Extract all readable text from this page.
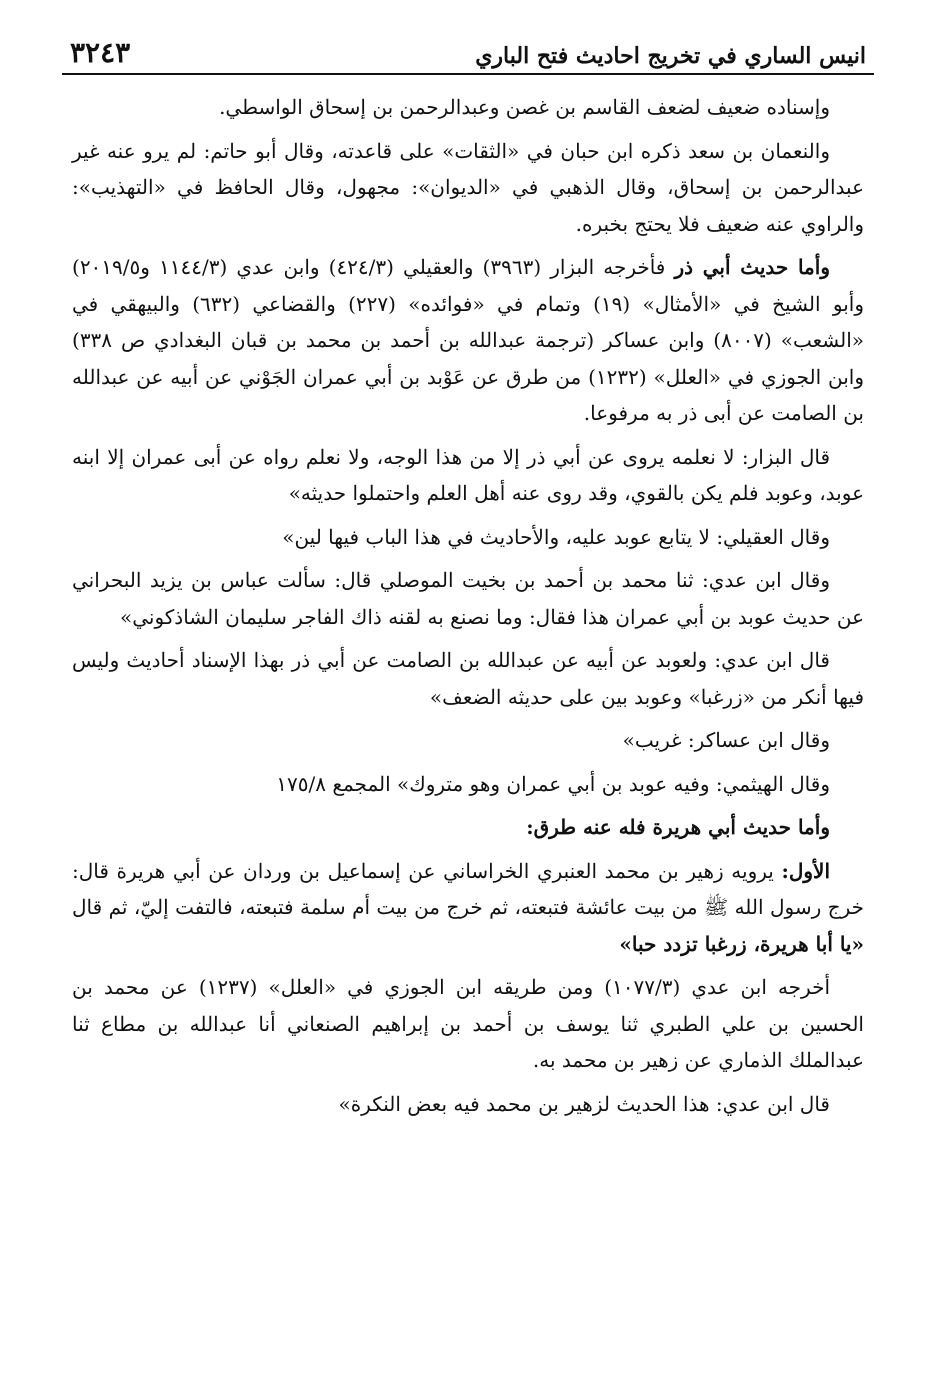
انيس الساري في تخريج احاديث فتح الباري
٣٢٤٣

وإسناده ضعيف لضعف القاسم بن غصن وعبدالرحمن بن إسحاق الواسطي.

والنعمان بن سعد ذكره ابن حبان في «الثقات» على قاعدته، وقال أبو حاتم: لم يرو عنه غير عبدالرحمن بن إسحاق، وقال الذهبي في «الديوان»: مجهول، وقال الحافظ في «التهذيب»: والراوي عنه ضعيف فلا يحتج بخبره.

وأما حديث أبي ذر فأخرجه البزار (٣٩٦٣) والعقيلي (٤٢٤/٣) وابن عدي (١١٤٤/٣ و٢٠١٩/٥) وأبو الشيخ في «الأمثال» (١٩) وتمام في «فوائده» (٢٢٧) والقضاعي (٦٣٢) والبيهقي في «الشعب» (٨٠٠٧) وابن عساكر (ترجمة عبدالله بن أحمد بن محمد بن قبان البغدادي ص ٣٣٨) وابن الجوزي في «العلل» (١٢٣٢) من طرق عن عَوْبد بن أبي عمران الجَوْني عن أبيه عن عبدالله بن الصامت عن أبى ذر به مرفوعا.

قال البزار: لا نعلمه يروى عن أبي ذر إلا من هذا الوجه، ولا نعلم رواه عن أبى عمران إلا ابنه عوبد، وعوبد فلم يكن بالقوي، وقد روى عنه أهل العلم واحتملوا حديثه»

وقال العقيلي: لا يتابع عوبد عليه، والأحاديث في هذا الباب فيها لين»

وقال ابن عدي: ثنا محمد بن أحمد بن بخيت الموصلي قال: سألت عباس بن يزيد البحراني عن حديث عوبد بن أبي عمران هذا فقال: وما نصنع به لقنه ذاك الفاجر سليمان الشاذكوني»

قال ابن عدي: ولعوبد عن أبيه عن عبدالله بن الصامت عن أبي ذر بهذا الإسناد أحاديث وليس فيها أنكر من «زرغبا» وعوبد بين على حديثه الضعف»

وقال ابن عساكر: غريب»

وقال الهيثمي: وفيه عوبد بن أبي عمران وهو متروك» المجمع ١٧٥/٨

وأما حديث أبي هريرة فله عنه طرق:

الأول: يرويه زهير بن محمد العنبري الخراساني عن إسماعيل بن وردان عن أبي هريرة قال: خرج رسول الله ﷺ من بيت عائشة فتبعته، ثم خرج من بيت أم سلمة فتبعته، فالتفت إليّ، ثم قال «يا أبا هريرة، زرغبا تزدد حبا»

أخرجه ابن عدي (١٠٧٧/٣) ومن طريقه ابن الجوزي في «العلل» (١٢٣٧) عن محمد بن الحسين بن علي الطبري ثنا يوسف بن أحمد بن إبراهيم الصنعاني أنا عبدالله بن مطاع ثنا عبدالملك الذماري عن زهير بن محمد به.

قال ابن عدي: هذا الحديث لزهير بن محمد فيه بعض النكرة»
